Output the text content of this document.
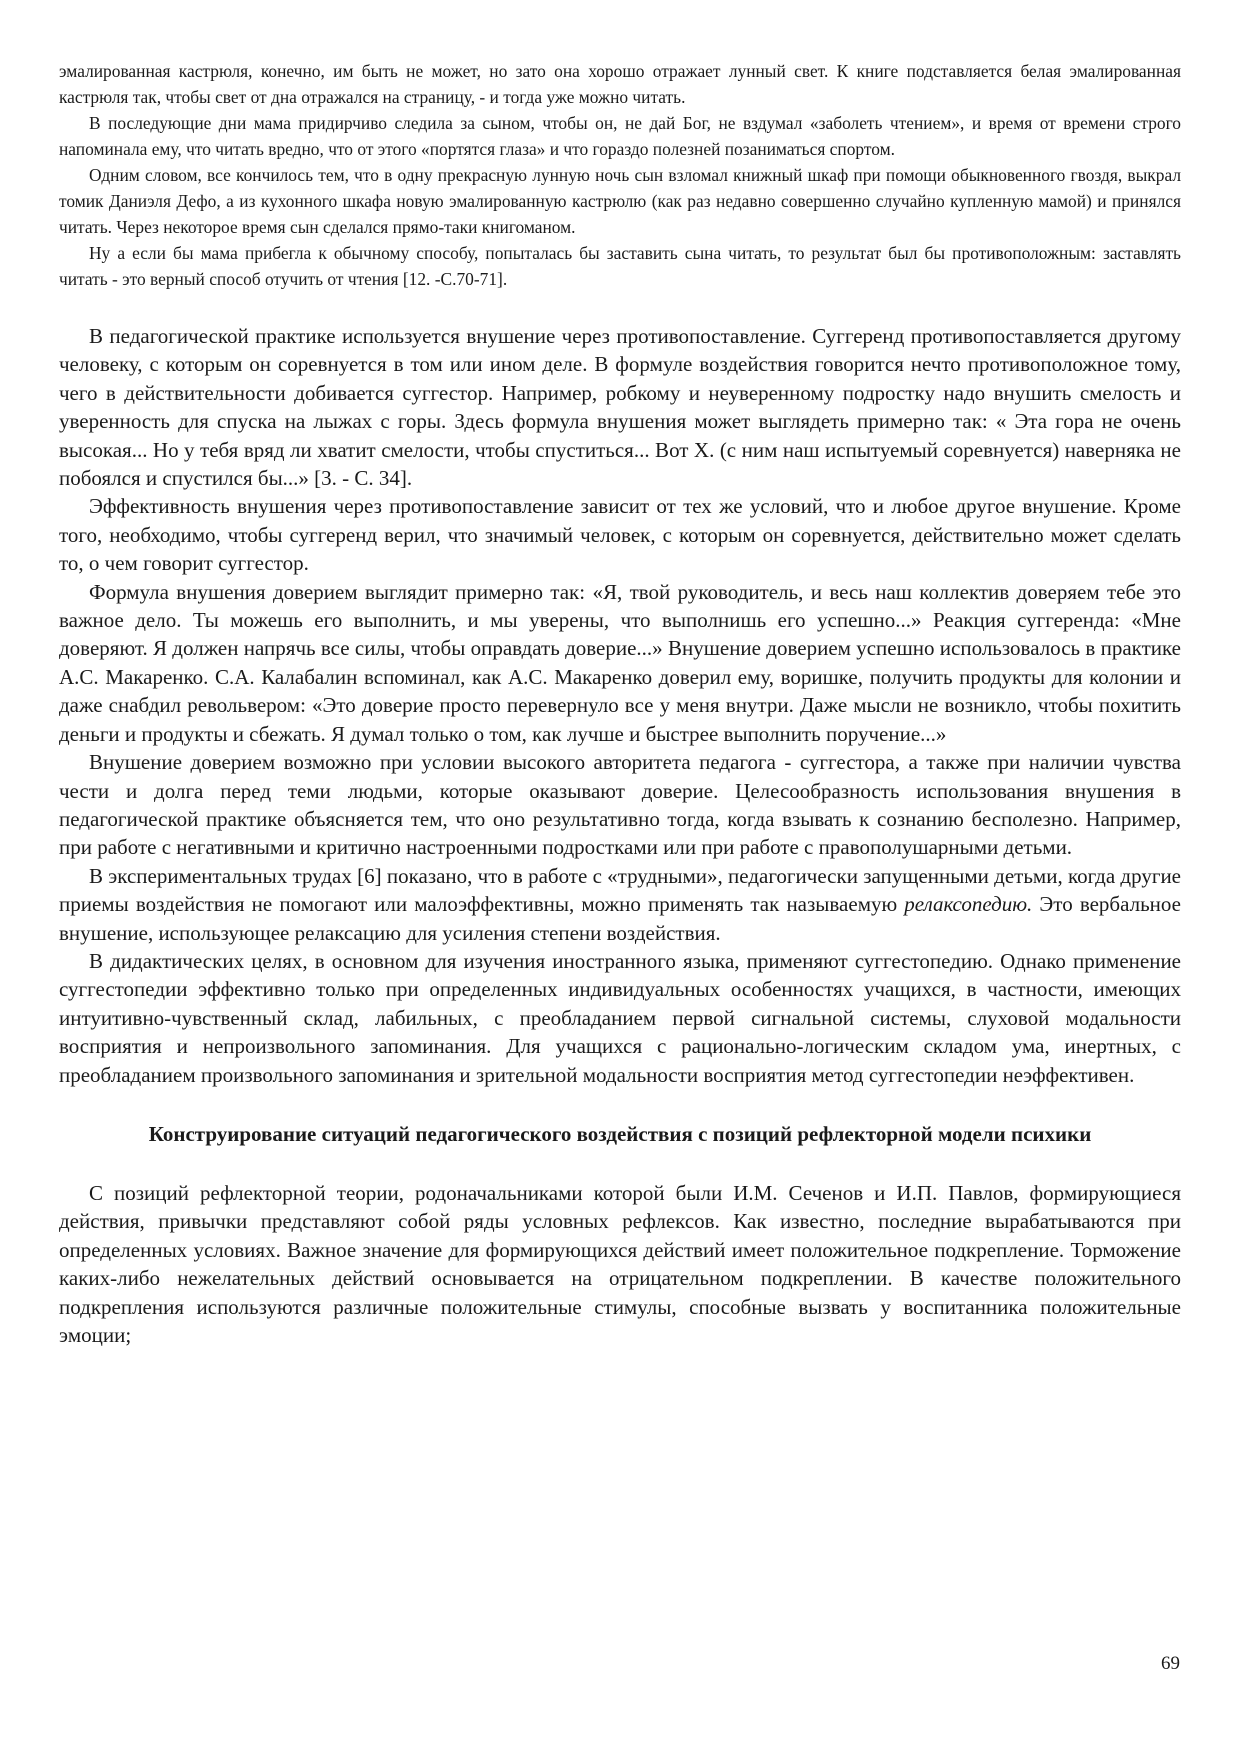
эмалированная кастрюля, конечно, им быть не может, но зато она хорошо отражает лунный свет. К книге подставляется белая эмалированная кастрюля так, чтобы свет от дна отражался на страницу, - и тогда уже можно читать.

В последующие дни мама придирчиво следила за сыном, чтобы он, не дай Бог, не вздумал «заболеть чтением», и время от времени строго напоминала ему, что читать вредно, что от этого «портятся глаза» и что гораздо полезней позаниматься спортом.

Одним словом, все кончилось тем, что в одну прекрасную лунную ночь сын взломал книжный шкаф при помощи обыкновенного гвоздя, выкрал томик Даниэля Дефо, а из кухонного шкафа новую эмалированную кастрюлю (как раз недавно совершенно случайно купленную мамой) и принялся читать. Через некоторое время сын сделался прямо-таки книгоманом.

Ну а если бы мама прибегла к обычному способу, попыталась бы заставить сына читать, то результат был бы противоположным: заставлять читать - это верный способ отучить от чтения [12. -С.70-71].

В педагогической практике используется внушение через противопоставление. Суггеренд противопоставляется другому человеку, с которым он соревнуется в том или ином деле. В формуле воздействия говорится нечто противоположное тому, чего в действительности добивается суггестор. Например, робкому и неуверенному подростку надо внушить смелость и уверенность для спуска на лыжах с горы. Здесь формула внушения может выглядеть примерно так: « Эта гора не очень высокая... Но у тебя вряд ли хватит смелости, чтобы спуститься... Вот Х. (с ним наш испытуемый соревнуется) наверняка не побоялся и спустился бы...» [3. - С. 34].

Эффективность внушения через противопоставление зависит от тех же условий, что и любое другое внушение. Кроме того, необходимо, чтобы суггеренд верил, что значимый человек, с которым он соревнуется, действительно может сделать то, о чем говорит суггестор.

Формула внушения доверием выглядит примерно так: «Я, твой руководитель, и весь наш коллектив доверяем тебе это важное дело. Ты можешь его выполнить, и мы уверены, что выполнишь его успешно...» Реакция суггеренда: «Мне доверяют. Я должен напрячь все силы, чтобы оправдать доверие...» Внушение доверием успешно использовалось в практике А.С. Макаренко. С.А. Калабалин вспоминал, как А.С. Макаренко доверил ему, воришке, получить продукты для колонии и даже снабдил револьвером: «Это доверие просто перевернуло все у меня внутри. Даже мысли не возникло, чтобы похитить деньги и продукты и сбежать. Я думал только о том, как лучше и быстрее выполнить поручение...»

Внушение доверием возможно при условии высокого авторитета педагога - суггестора, а также при наличии чувства чести и долга перед теми людьми, которые оказывают доверие. Целесообразность использования внушения в педагогической практике объясняется тем, что оно результативно тогда, когда взывать к сознанию бесполезно. Например, при работе с негативными и критично настроенными подростками или при работе с правополушарными детьми.

В экспериментальных трудах [6] показано, что в работе с «трудными», педагогически запущенными детьми, когда другие приемы воздействия не помогают или малоэффективны, можно применять так называемую релаксопедию. Это вербальное внушение, использующее релаксацию для усиления степени воздействия.

В дидактических целях, в основном для изучения иностранного языка, применяют суггестопедию. Однако применение суггестопедии эффективно только при определенных индивидуальных особенностях учащихся, в частности, имеющих интуитивно-чувственный склад, лабильных, с преобладанием первой сигнальной системы, слуховой модальности восприятия и непроизвольного запоминания. Для учащихся с рационально-логическим складом ума, инертных, с преобладанием произвольного запоминания и зрительной модальности восприятия метод суггестопедии неэффективен.

Конструирование ситуаций педагогического воздействия с позиций рефлекторной модели психики

С позиций рефлекторной теории, родоначальниками которой были И.М. Сеченов и И.П. Павлов, формирующиеся действия, привычки представляют собой ряды условных рефлексов. Как известно, последние вырабатываются при определенных условиях. Важное значение для формирующихся действий имеет положительное подкрепление. Торможение каких-либо нежелательных действий основывается на отрицательном подкреплении. В качестве положительного подкрепления используются различные положительные стимулы, способные вызвать у воспитанника положительные эмоции;

69
